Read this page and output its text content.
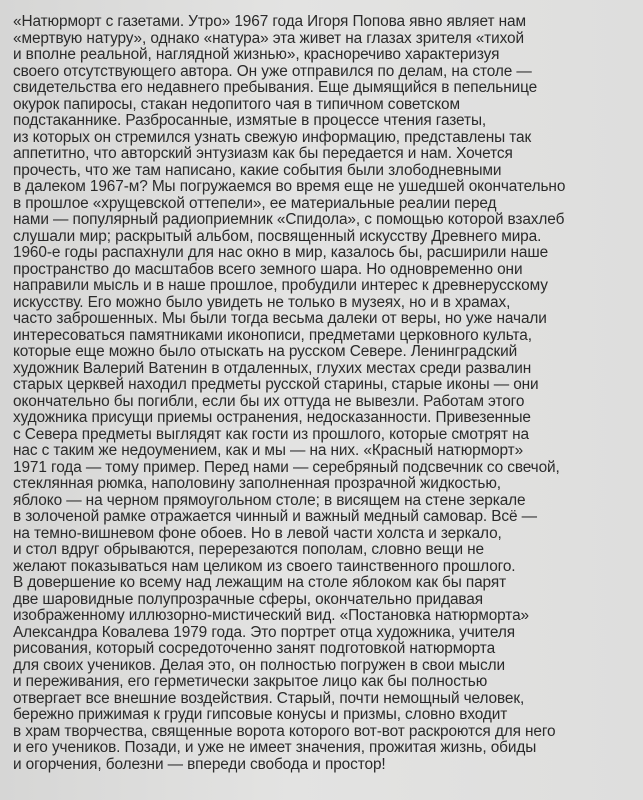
«Натюрморт с газетами. Утро» 1967 года Игоря Попова явно являет нам
«мертвую натуру», однако «натура» эта живет на глазах зрителя «тихой
и вполне реальной, наглядной жизнью», красноречиво характеризуя
своего отсутствующего автора. Он уже отправился по делам, на столе —
свидетельства его недавнего пребывания. Еще дымящийся в пепельнице
окурок папиросы, стакан недопитого чая в типичном советском
подстаканнике. Разбросанные, измятые в процессе чтения газеты,
из которых он стремился узнать свежую информацию, представлены так
аппетитно, что авторский энтузиазм как бы передается и нам. Хочется
прочесть, что же там написано, какие события были злободневными
в далеком 1967-м? Мы погружаемся во время еще не ушедшей окончательно
в прошлое «хрущевской оттепели», ее материальные реалии перед
нами — популярный радиоприемник «Спидола», с помощью которой взахлеб
слушали мир; раскрытый альбом, посвященный искусству Древнего мира.
1960-е годы распахнули для нас окно в мир, казалось бы, расширили наше
пространство до масштабов всего земного шара. Но одновременно они
направили мысль и в наше прошлое, пробудили интерес к древнерусскому
искусству. Его можно было увидеть не только в музеях, но и в храмах,
часто заброшенных. Мы были тогда весьма далеки от веры, но уже начали
интересоваться памятниками иконописи, предметами церковного культа,
которые еще можно было отыскать на русском Севере. Ленинградский
художник Валерий Ватенин в отдаленных, глухих местах среди развалин
старых церквей находил предметы русской старины, старые иконы — они
окончательно бы погибли, если бы их оттуда не вывезли. Работам этого
художника присущи приемы остранения, недосказанности. Привезенные
с Севера предметы выглядят как гости из прошлого, которые смотрят на
нас с таким же недоумением, как и мы — на них. «Красный натюрморт»
1971 года — тому пример. Перед нами — серебряный подсвечник со свечой,
стеклянная рюмка, наполовину заполненная прозрачной жидкостью,
яблоко — на черном прямоугольном столе; в висящем на стене зеркале
в золоченой рамке отражается чинный и важный медный самовар. Всё —
на темно-вишневом фоне обоев. Но в левой части холста и зеркало,
и стол вдруг обрываются, перерезаются пополам, словно вещи не
желают показываться нам целиком из своего таинственного прошлого.
В довершение ко всему над лежащим на столе яблоком как бы парят
две шаровидные полупрозрачные сферы, окончательно придавая
изображенному иллюзорно-мистический вид. «Постановка натюрморта»
Александра Ковалева 1979 года. Это портрет отца художника, учителя
рисования, который сосредоточенно занят подготовкой натюрморта
для своих учеников. Делая это, он полностью погружен в свои мысли
и переживания, его герметически закрытое лицо как бы полностью
отвергает все внешние воздействия. Старый, почти немощный человек,
бережно прижимая к груди гипсовые конусы и призмы, словно входит
в храм творчества, священные ворота которого вот-вот раскроются для него
и его учеников. Позади, и уже не имеет значения, прожитая жизнь, обиды
и огорчения, болезни — впереди свобода и простор!
